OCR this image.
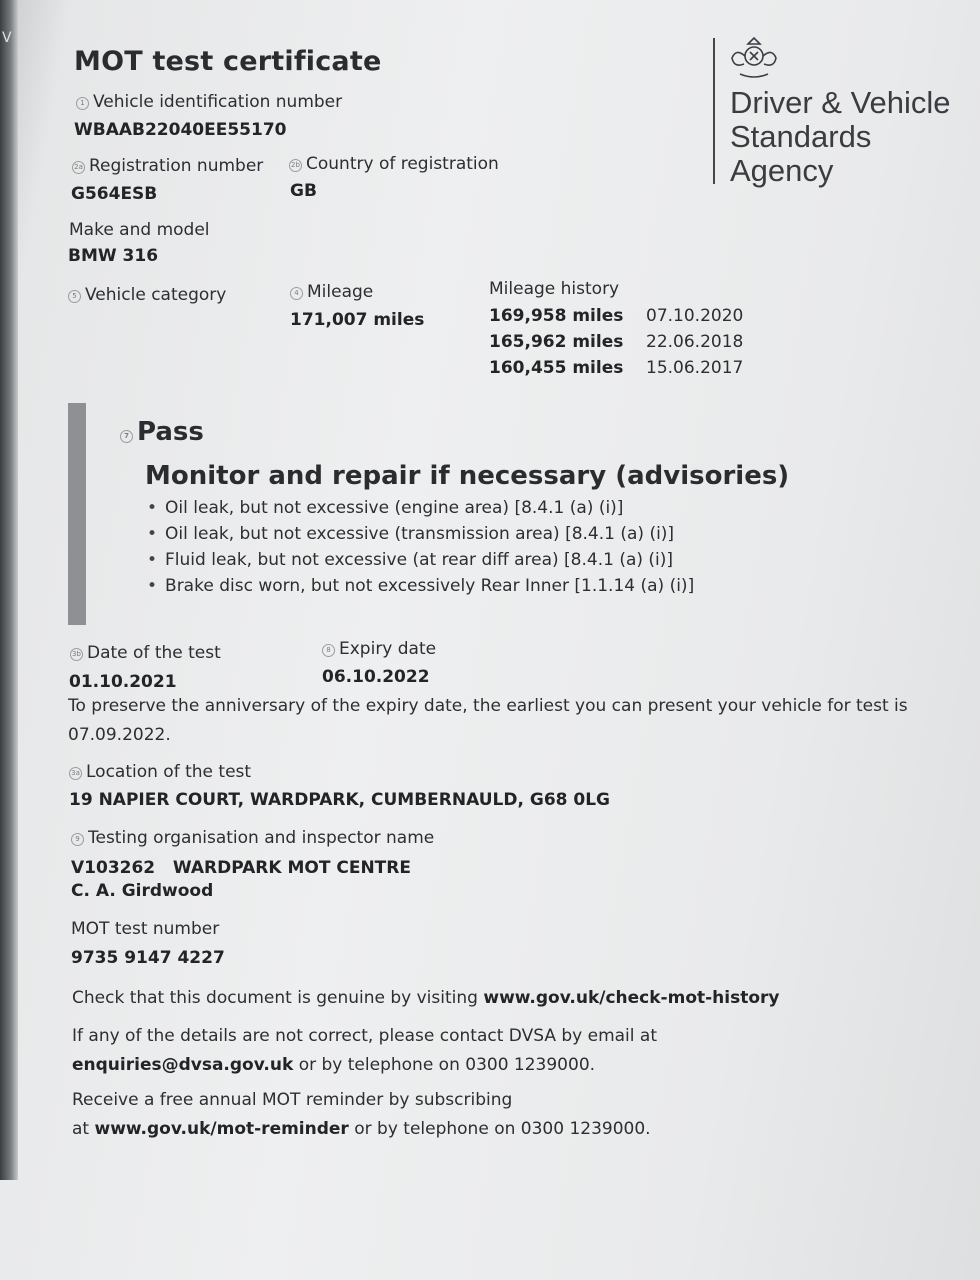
V
MOT test certificate
Driver & Vehicle
Standards
Agency
1 Vehicle identification number
WBAAB22040EE55170
2a Registration number
G564ESB
2b Country of registration
GB
Make and model
BMW 316
5 Vehicle category	4 Mileage
171,007 miles
Mileage history
169,958 miles 07.10.2020
165,962 miles 22.06.2018
160,455 miles 15.06.2017
7 Pass
Monitor and repair if necessary (advisories)
• Oil leak, but not excessive (engine area) [8.4.1 (a) (i)]
• Oil leak, but not excessive (transmission area) [8.4.1 (a) (i)]
• Fluid leak, but not excessive (at rear diff area) [8.4.1 (a) (i)]
• Brake disc worn, but not excessively Rear Inner [1.1.14 (a) (i)]
3b Date of the test
01.10.2021
8 Expiry date
06.10.2022
To preserve the anniversary of the expiry date, the earliest you can present your vehicle for test is
07.09.2022.
3a Location of the test
19 NAPIER COURT, WARDPARK, CUMBERNAULD, G68 0LG
9 Testing organisation and inspector name
V103262   WARDPARK MOT CENTRE
C. A. Girdwood
MOT test number
9735 9147 4227
Check that this document is genuine by visiting www.gov.uk/check-mot-history
If any of the details are not correct, please contact DVSA by email at
enquiries@dvsa.gov.uk or by telephone on 0300 1239000.
Receive a free annual MOT reminder by subscribing
at www.gov.uk/mot-reminder or by telephone on 0300 1239000.
